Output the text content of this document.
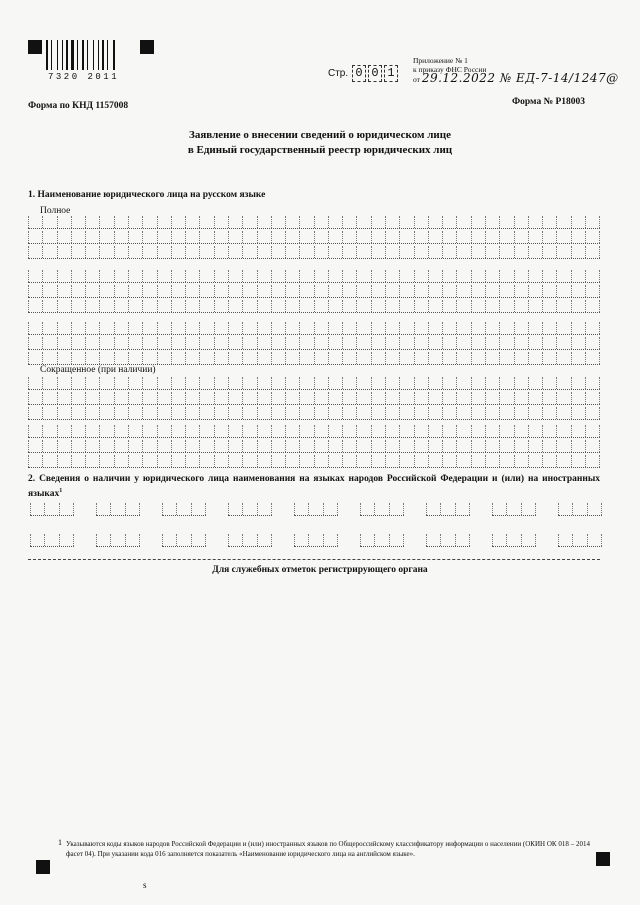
7320 2011	Стр. 0 0 1
Приложение № 1
к приказу ФНС России
от 29.12.2022 № ЕД-7-14/1247@
Форма по КНД 1157008	Форма № Р18003
Заявление о внесении сведений о юридическом лице
в Единый государственный реестр юридических лиц
1. Наименование юридического лица на русском языке
Полное
Сокращенное (при наличии)
2. Сведения о наличии у юридического лица наименования на языках народов Российской Федерации и (или) на иностранных языках$^1$
Для служебных отметок регистрирующего органа
1 Указываются коды языков народов Российской Федерации и (или) иностранных языков по Общероссийскому классификатору информации о населении (ОКИН ОК 018 – 2014 фасет 04). При указании кода 016 заполняется показатель «Наименование юридического лица на английском языке».
ѕ
